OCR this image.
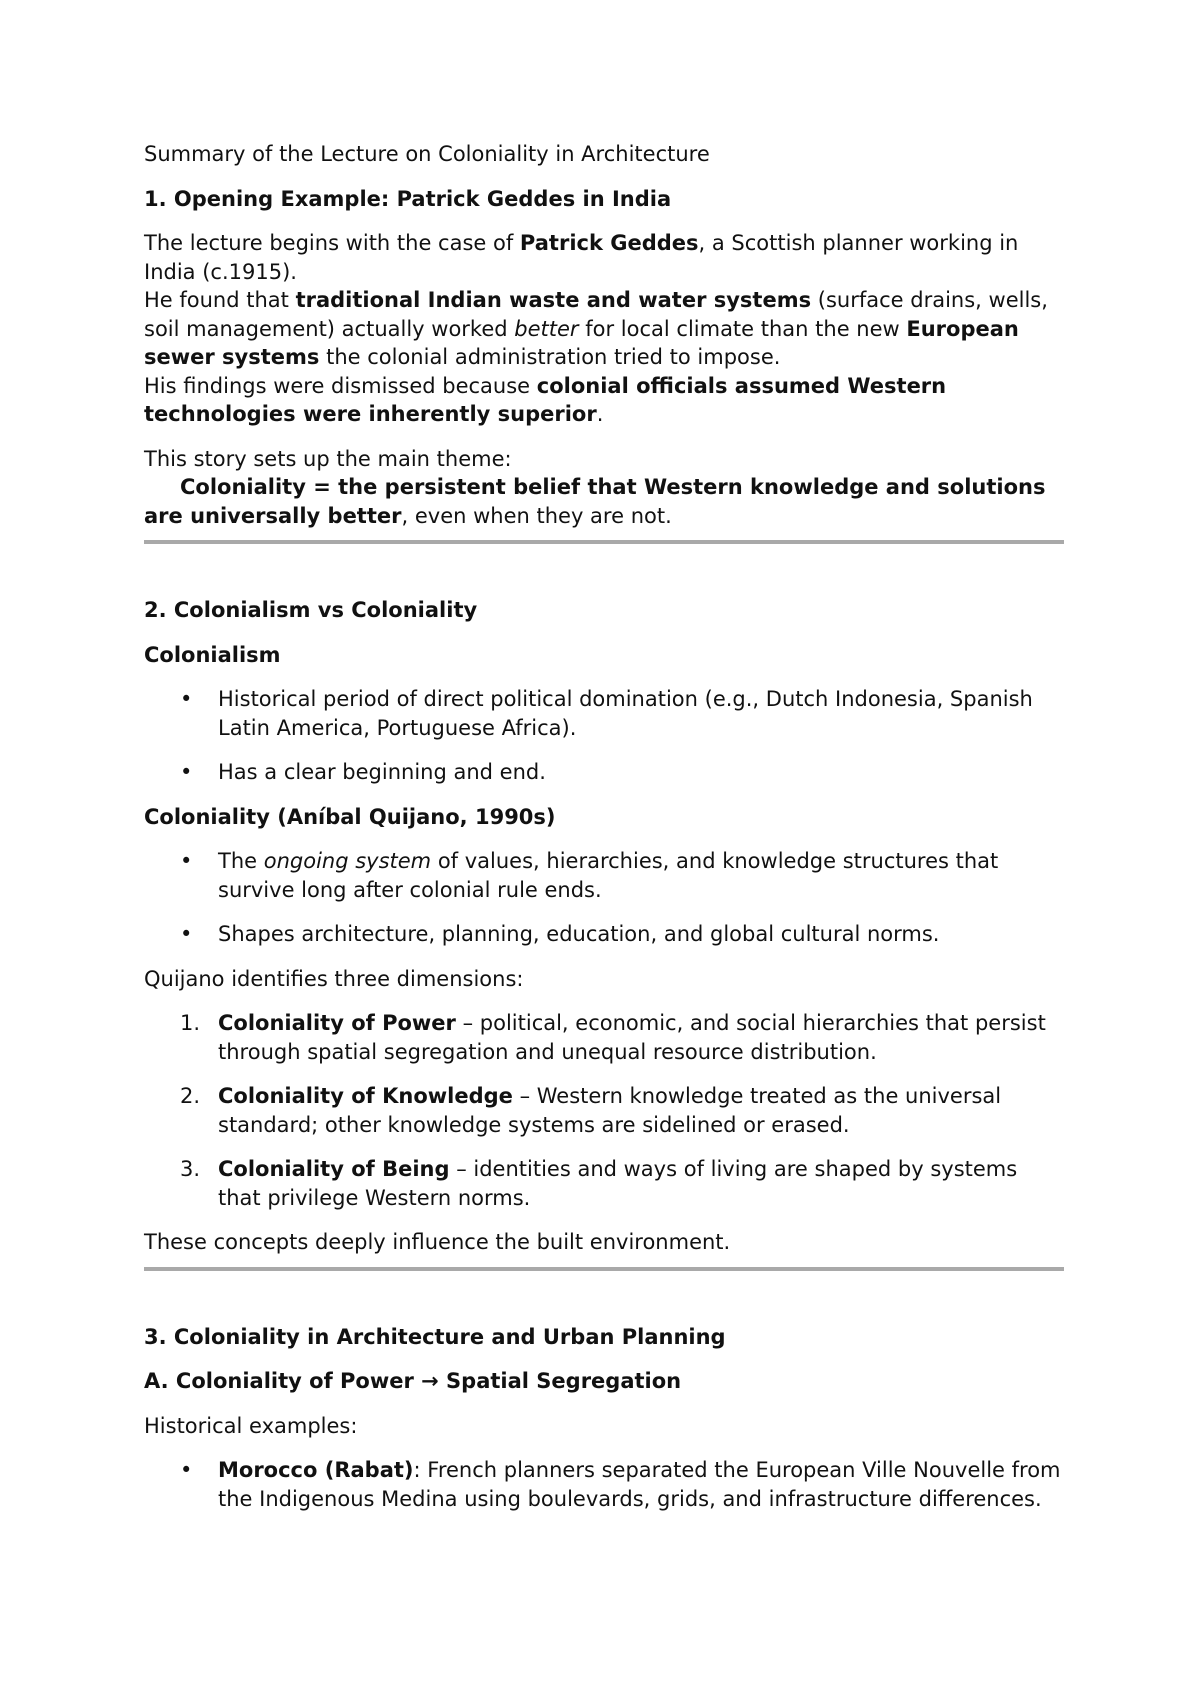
Summary of the Lecture on Coloniality in Architecture

1. Opening Example: Patrick Geddes in India

The lecture begins with the case of Patrick Geddes, a Scottish planner working in India (c.1915).
He found that traditional Indian waste and water systems (surface drains, wells, soil management) actually worked better for local climate than the new European sewer systems the colonial administration tried to impose.
His findings were dismissed because colonial officials assumed Western technologies were inherently superior.

This story sets up the main theme:
Coloniality = the persistent belief that Western knowledge and solutions are universally better, even when they are not.

2. Colonialism vs Coloniality

Colonialism

• Historical period of direct political domination (e.g., Dutch Indonesia, Spanish Latin America, Portuguese Africa).
• Has a clear beginning and end.

Coloniality (Aníbal Quijano, 1990s)

• The ongoing system of values, hierarchies, and knowledge structures that survive long after colonial rule ends.
• Shapes architecture, planning, education, and global cultural norms.

Quijano identifies three dimensions:

1. Coloniality of Power – political, economic, and social hierarchies that persist through spatial segregation and unequal resource distribution.
2. Coloniality of Knowledge – Western knowledge treated as the universal standard; other knowledge systems are sidelined or erased.
3. Coloniality of Being – identities and ways of living are shaped by systems that privilege Western norms.

These concepts deeply influence the built environment.

3. Coloniality in Architecture and Urban Planning

A. Coloniality of Power → Spatial Segregation

Historical examples:

• Morocco (Rabat): French planners separated the European Ville Nouvelle from the Indigenous Medina using boulevards, grids, and infrastructure differences.
